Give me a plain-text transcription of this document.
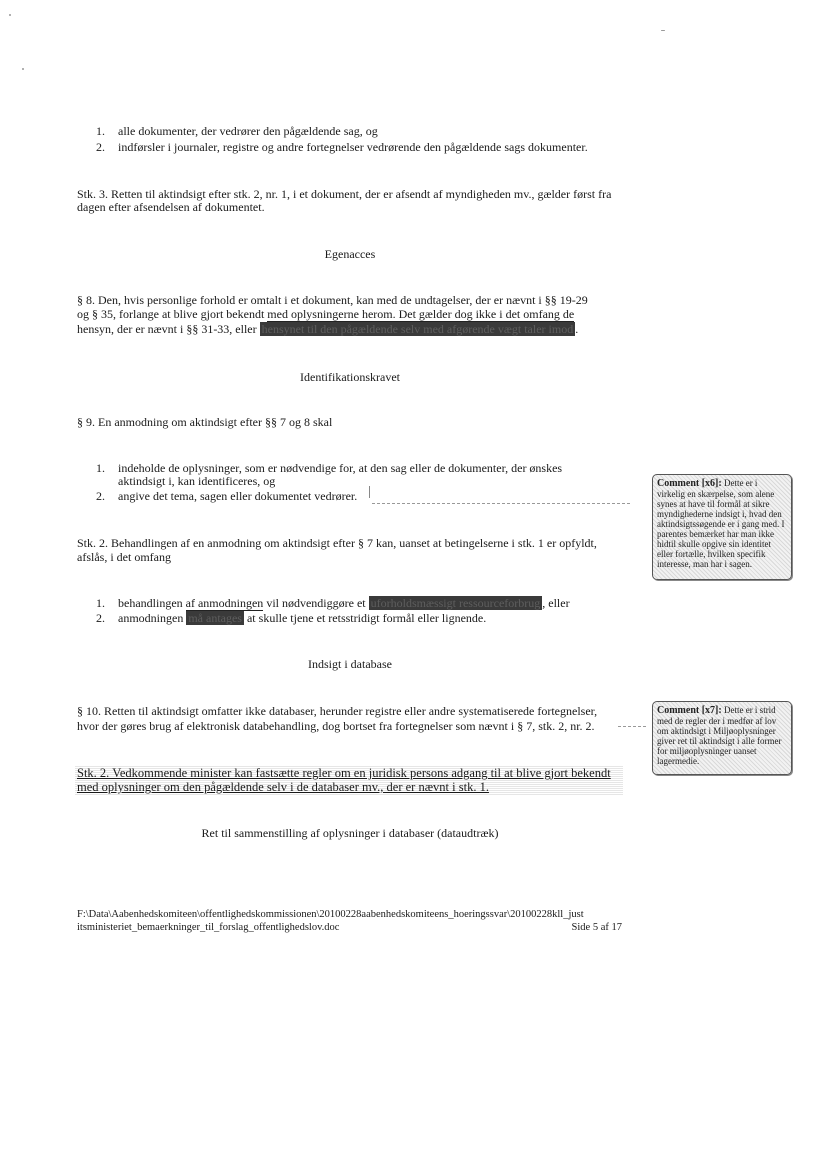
1. alle dokumenter, der vedrører den pågældende sag, og
2. indførsler i journaler, registre og andre fortegnelser vedrørende den pågældende sags dokumenter.
Stk. 3. Retten til aktindsigt efter stk. 2, nr. 1, i et dokument, der er afsendt af myndigheden mv., gælder først fra dagen efter afsendelsen af dokumentet.
Egenacces
§ 8. Den, hvis personlige forhold er omtalt i et dokument, kan med de undtagelser, der er nævnt i §§ 19-29
og § 35, forlange at blive gjort bekendt med oplysningerne herom. Det gælder dog ikke i det omfang de
hensyn, der er nævnt i §§ 31-33, eller hensynet til den pågældende selv med afgørende vægt taler imod .
Identifikationskravet
§ 9. En anmodning om aktindsigt efter §§ 7 og 8 skal
1. indeholde de oplysninger, som er nødvendige for, at den sag eller de dokumenter, der ønskes
aktindsigt i, kan identificeres, og
2. angive det tema, sagen eller dokumentet vedrører.
Comment [x6]: Dette er i virkelig en skærpelse, som alene synes at have til formål at sikre myndighederne indsigt i, hvad den aktindsigtssøgende er i gang med. I parentes bemærket har man ikke hidtil skulle opgive sin identitet eller fortælle, hvilken specifik interesse, man har i sagen.
Stk. 2. Behandlingen af en anmodning om aktindsigt efter § 7 kan, uanset at betingelserne i stk. 1 er opfyldt,
afslås, i det omfang
1. behandlingen af anmodningen vil nødvendiggøre et uforholdsmæssigt ressourceforbrug , eller
2. anmodningen må antages at skulle tjene et retsstridigt formål eller lignende.
Indsigt i database
§ 10. Retten til aktindsigt omfatter ikke databaser, herunder registre eller andre systematiserede fortegnelser,
hvor der gøres brug af elektronisk databehandling, dog bortset fra fortegnelser som nævnt i § 7, stk. 2, nr. 2.
Comment [x7]: Dette er i strid med de regler der i medfør af lov om aktindsigt i Miljøoplysninger giver ret til aktindsigt i alle former for miljøoplysninger uanset lagermedie.
Stk. 2. Vedkommende minister kan fastsætte regler om en juridisk persons adgang til at blive gjort bekendt
med oplysninger om den pågældende selv i de databaser mv., der er nævnt i stk. 1.
Ret til sammenstilling af oplysninger i databaser (dataudtræk)
F:\Data\Aabenhedskomiteen\offentlighedskommissionen\20100228aabenhedskomiteens_hoeringssvar\20100228kll_just
itsministeriet_bemaerkninger_til_forslag_offentlighedslov.doc	Side 5 af 17
